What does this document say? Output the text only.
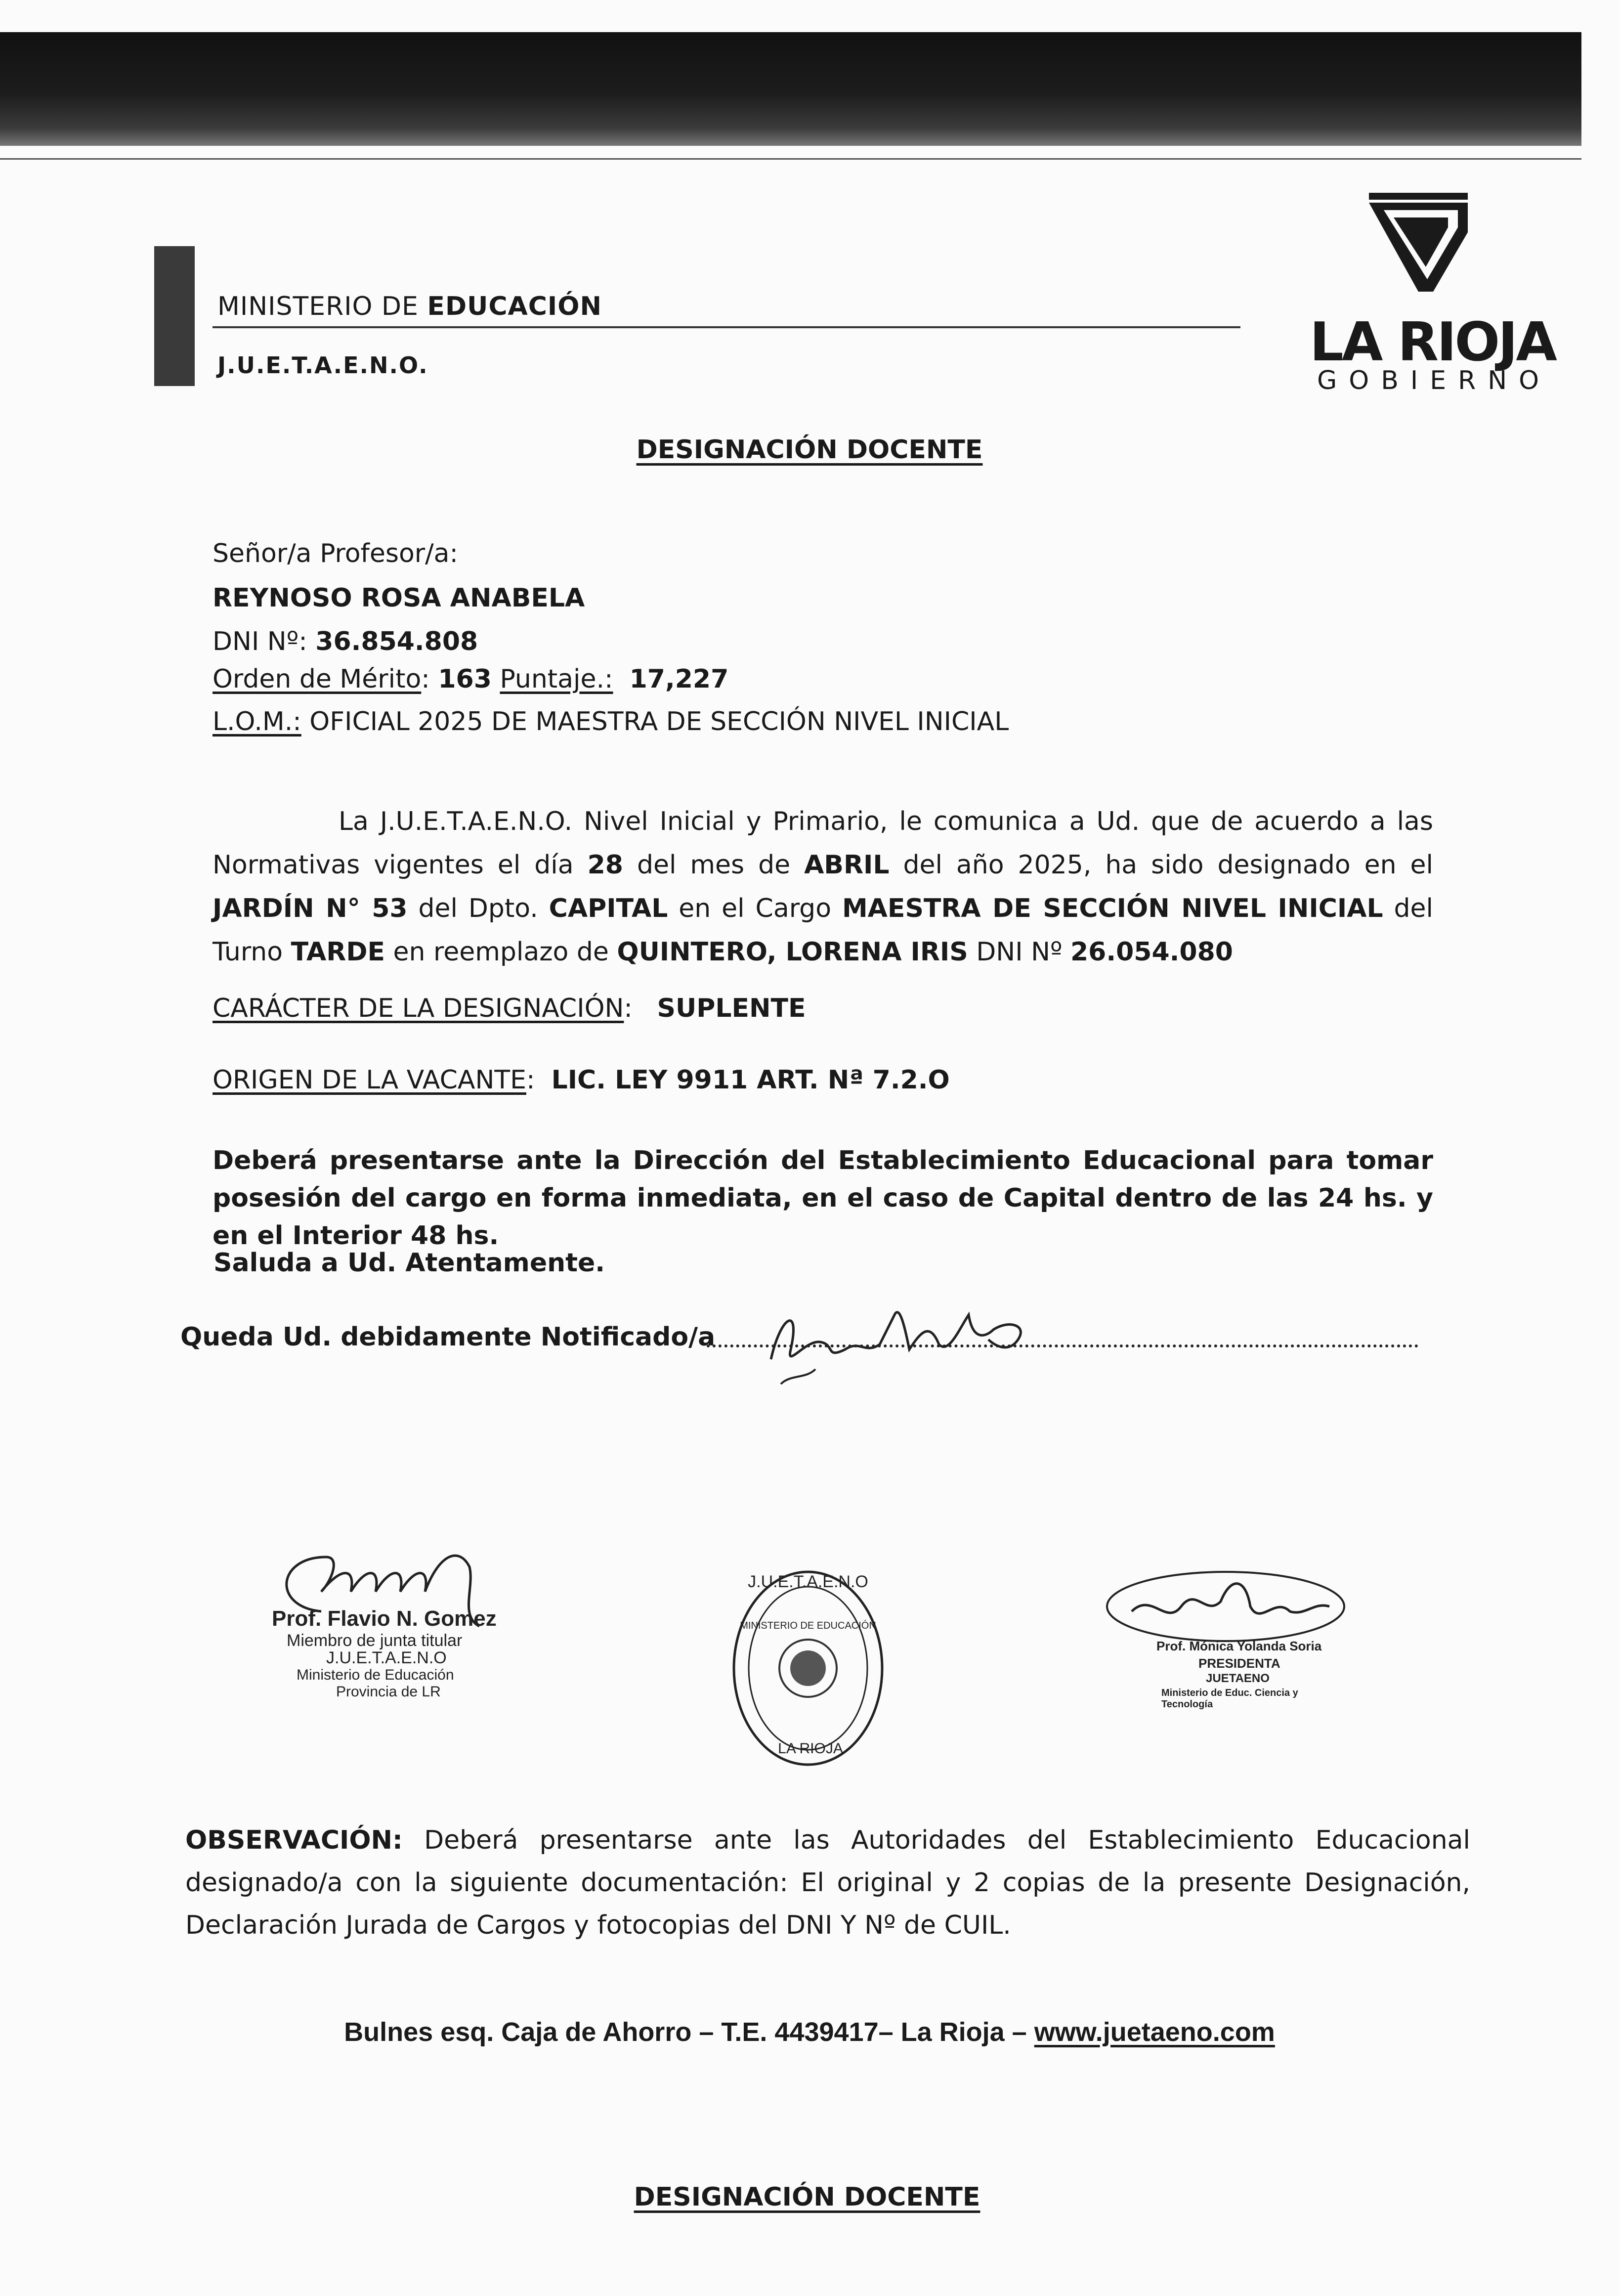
MINISTERIO DE EDUCACIÓN
J.U.E.T.A.E.N.O.	LA RIOJA
GOBIERNO
DESIGNACIÓN DOCENTE
Señor/a Profesor/a:
REYNOSO ROSA ANABELA
DNI Nº: 36.854.808
Orden de Mérito: 163 Puntaje.: 17,227
L.O.M.: OFICIAL 2025 DE MAESTRA DE SECCIÓN NIVEL INICIAL
La J.U.E.T.A.E.N.O. Nivel Inicial y Primario, le comunica a Ud. que de acuerdo a las Normativas vigentes el día 28 del mes de ABRIL del año 2025, ha sido designado en el JARDÍN N° 53 del Dpto. CAPITAL en el Cargo MAESTRA DE SECCIÓN NIVEL INICIAL del Turno TARDE en reemplazo de QUINTERO, LORENA IRIS DNI Nº 26.054.080
CARÁCTER DE LA DESIGNACIÓN: SUPLENTE
ORIGEN DE LA VACANTE: LIC. LEY 9911 ART. Nª 7.2.O
Deberá presentarse ante la Dirección del Establecimiento Educacional para tomar posesión del cargo en forma inmediata, en el caso de Capital dentro de las 24 hs. y en el Interior 48 hs.
Saluda a Ud. Atentamente.
Queda Ud. debidamente Notificado/a
Prof. Flavio N. Gomez
Miembro de junta titular
J.U.E.T.A.E.N.O
Ministerio de Educación
Provincia de LR
J.U.E.T.A.E.N.O
MINISTERIO DE EDUCACIÓN
LA RIOJA
Prof. Mónica Yolanda Soria
PRESIDENTA
JUETAENO
Ministerio de Educ. Ciencia y Tecnología
OBSERVACIÓN: Deberá presentarse ante las Autoridades del Establecimiento Educacional designado/a con la siguiente documentación: El original y 2 copias de la presente Designación, Declaración Jurada de Cargos y fotocopias del DNI Y Nº de CUIL.
Bulnes esq. Caja de Ahorro – T.E. 4439417– La Rioja – www.juetaeno.com
DESIGNACIÓN DOCENTE
